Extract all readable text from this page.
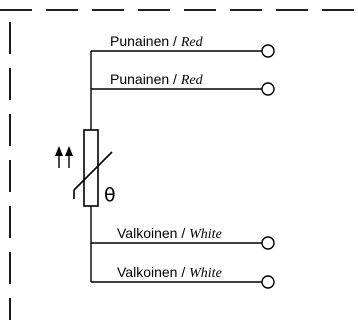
θ
Punainen / Red
Punainen / Red
Valkoinen / White
Valkoinen / White
